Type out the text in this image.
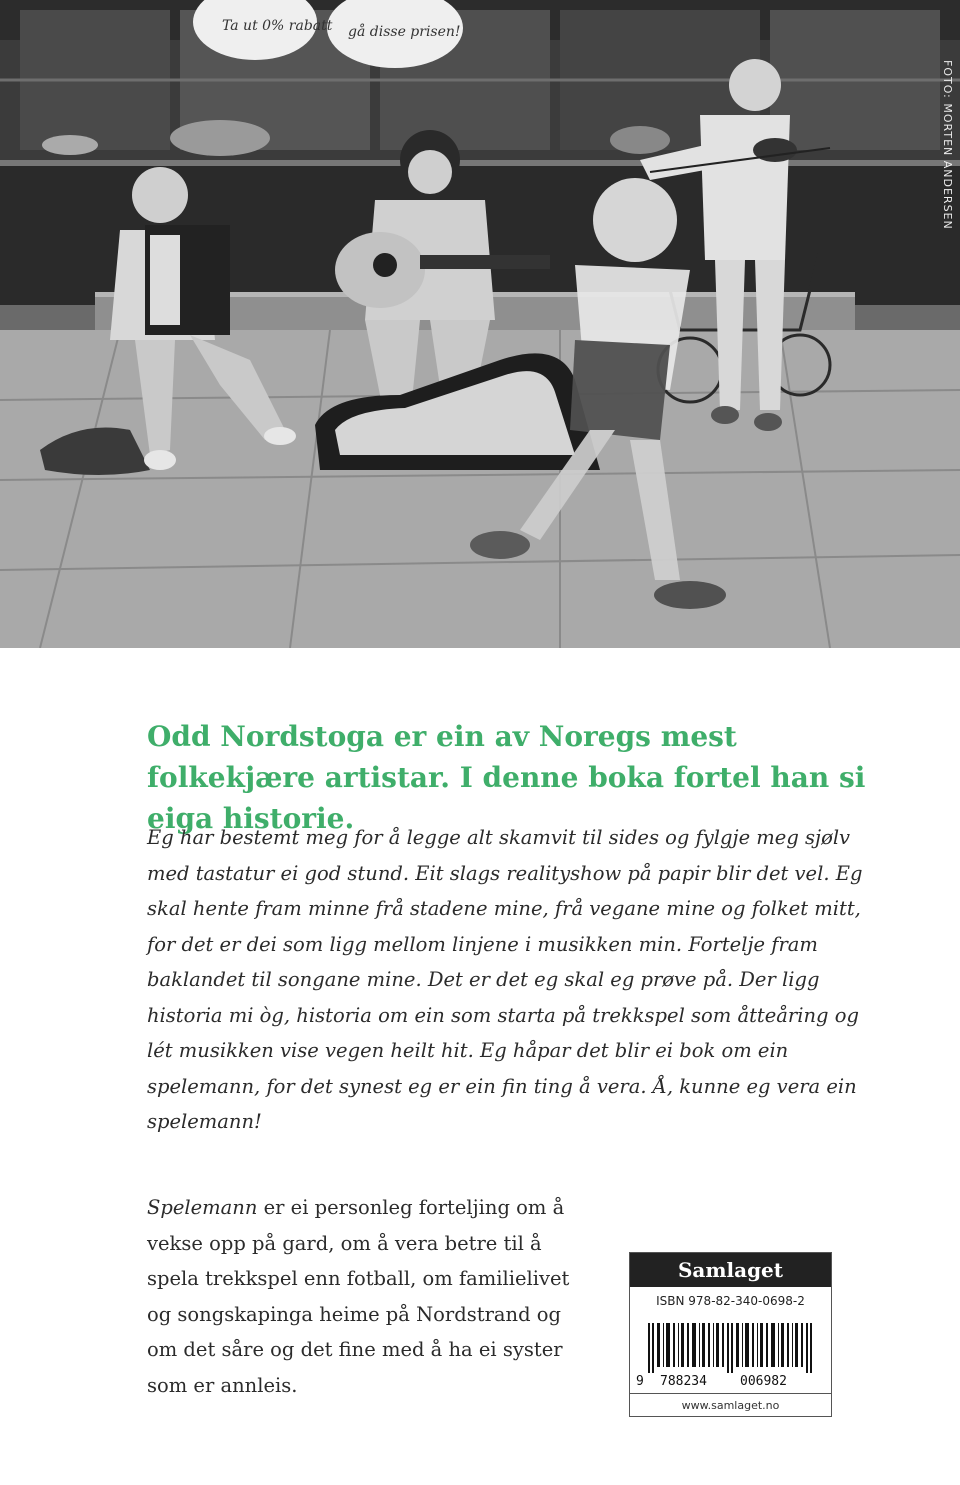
Ta ut 0% rabatt gå disse prisen!
FOTO: MORTEN ANDERSEN
Odd Nordstoga er ein av Noregs mest folkekjære artistar. I denne boka fortel han si eiga historie.
Eg har bestemt meg for å legge alt skamvit til sides og fylgje meg sjølv med tastatur ei god stund. Eit slags realityshow på papir blir det vel. Eg skal hente fram minne frå stadene mine, frå vegane mine og folket mitt, for det er dei som ligg mellom linjene i musikken min. Fortelje fram baklandet til songane mine. Det er det eg skal eg prøve på. Der ligg historia mi òg, historia om ein som starta på trekkspel som åtteåring og lét musikken vise vegen heilt hit. Eg håpar det blir ei bok om ein spelemann, for det synest eg er ein fin ting å vera. Å, kunne eg vera ein spelemann!
Spelemann er ei personleg forteljing om å vekse opp på gard, om å vera betre til å spela trekkspel enn fotball, om familielivet og songskapinga heime på Nordstrand og om det såre og det fine med å ha ei syster som er annleis.
Samlaget
ISBN 978-82-340-0698-2
9 788234	006982
www.samlaget.no
